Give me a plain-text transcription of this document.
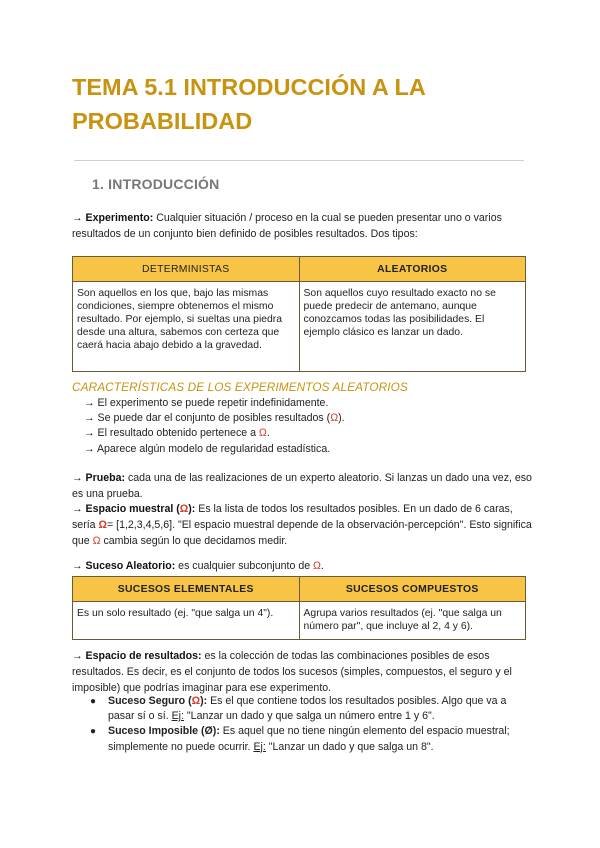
TEMA 5.1 INTRODUCCIÓN A LA PROBABILIDAD
1. INTRODUCCIÓN

→ Experimento: Cualquier situación / proceso en la cual se pueden presentar uno o varios resultados de un conjunto bien definido de posibles resultados. Dos tipos:

DETERMINISTAS	ALEATORIOS
Son aquellos en los que, bajo las mismas condiciones, siempre obtenemos el mismo resultado. Por ejemplo, si sueltas una piedra desde una altura, sabemos con certeza que caerá hacia abajo debido a la gravedad.	Son aquellos cuyo resultado exacto no se puede predecir de antemano, aunque conozcamos todas las posibilidades. El ejemplo clásico es lanzar un dado.

CARACTERÍSTICAS DE LOS EXPERIMENTOS ALEATORIOS

→ El experimento se puede repetir indefinidamente.
→ Se puede dar el conjunto de posibles resultados (Ω).
→ El resultado obtenido pertenece a Ω.
→ Aparece algún modelo de regularidad estadística.

→ Prueba: cada una de las realizaciones de un experto aleatorio. Si lanzas un dado una vez, eso es una prueba.

→ Espacio muestral (Ω): Es la lista de todos los resultados posibles. En un dado de 6 caras, sería Ω= [1,2,3,4,5,6]. "El espacio muestral depende de la observación-percepción". Esto significa que Ω cambia según lo que decidamos medir.

→ Suceso Aleatorio: es cualquier subconjunto de Ω.

SUCESOS ELEMENTALES	SUCESOS COMPUESTOS
Es un solo resultado (ej. "que salga un 4").	Agrupa varios resultados (ej. "que salga un número par", que incluye al 2, 4 y 6).

→ Espacio de resultados: es la colección de todas las combinaciones posibles de esos resultados. Es decir, es el conjunto de todos los sucesos (simples, compuestos, el seguro y el imposible) que podrías imaginar para ese experimento.

● Suceso Seguro (Ω): Es el que contiene todos los resultados posibles. Algo que va a pasar sí o sí. Ej: "Lanzar un dado y que salga un número entre 1 y 6".
● Suceso Imposible (Ø): Es aquel que no tiene ningún elemento del espacio muestral; simplemente no puede ocurrir. Ej: "Lanzar un dado y que salga un 8".
